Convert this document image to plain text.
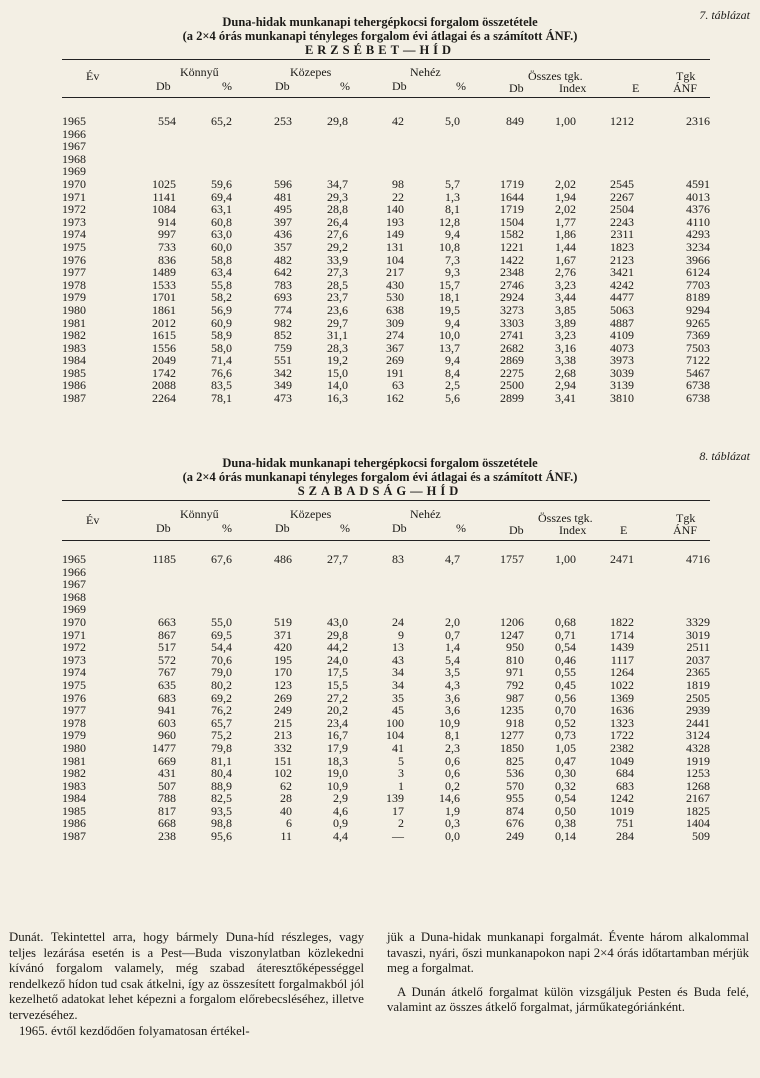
7. táblázat
Duna-hidak munkanapi tehergépkocsi forgalom összetétele
(a 2×4 órás munkanapi tényleges forgalom évi átlagai és a számított ÁNF.)
ERZSÉBET—HÍD
Év	Könnyű
Db	%
Közepes
Db	%
Nehéz
Db	%
Összes tgk.
Db	Index	E
Tgk
ÁNF
1965	554	65,2	253	29,8	42	5,0	849	1,00	1212	2316
1966										
1967										
1968										
1969										
1970	1025	59,6	596	34,7	98	5,7	1719	2,02	2545	4591
1971	1141	69,4	481	29,3	22	1,3	1644	1,94	2267	4013
1972	1084	63,1	495	28,8	140	8,1	1719	2,02	2504	4376
1973	914	60,8	397	26,4	193	12,8	1504	1,77	2243	4110
1974	997	63,0	436	27,6	149	9,4	1582	1,86	2311	4293
1975	733	60,0	357	29,2	131	10,8	1221	1,44	1823	3234
1976	836	58,8	482	33,9	104	7,3	1422	1,67	2123	3966
1977	1489	63,4	642	27,3	217	9,3	2348	2,76	3421	6124
1978	1533	55,8	783	28,5	430	15,7	2746	3,23	4242	7703
1979	1701	58,2	693	23,7	530	18,1	2924	3,44	4477	8189
1980	1861	56,9	774	23,6	638	19,5	3273	3,85	5063	9294
1981	2012	60,9	982	29,7	309	9,4	3303	3,89	4887	9265
1982	1615	58,9	852	31,1	274	10,0	2741	3,23	4109	7369
1983	1556	58,0	759	28,3	367	13,7	2682	3,16	4073	7503
1984	2049	71,4	551	19,2	269	9,4	2869	3,38	3973	7122
1985	1742	76,6	342	15,0	191	8,4	2275	2,68	3039	5467
1986	2088	83,5	349	14,0	63	2,5	2500	2,94	3139	6738
1987	2264	78,1	473	16,3	162	5,6	2899	3,41	3810	6738
8. táblázat
Duna-hidak munkanapi tehergépkocsi forgalom összetétele
(a 2×4 órás munkanapi tényleges forgalom évi átlagai és a számított ÁNF.)
SZABADSÁG—HÍD
Év	Könnyű
Db	%
Közepes
Db	%
Nehéz
Db	%
Összes tgk.
Db	Index	E
Tgk
ÁNF
1965	1185	67,6	486	27,7	83	4,7	1757	1,00	2471	4716
1966										
1967										
1968										
1969										
1970	663	55,0	519	43,0	24	2,0	1206	0,68	1822	3329
1971	867	69,5	371	29,8	9	0,7	1247	0,71	1714	3019
1972	517	54,4	420	44,2	13	1,4	950	0,54	1439	2511
1973	572	70,6	195	24,0	43	5,4	810	0,46	1117	2037
1974	767	79,0	170	17,5	34	3,5	971	0,55	1264	2365
1975	635	80,2	123	15,5	34	4,3	792	0,45	1022	1819
1976	683	69,2	269	27,2	35	3,6	987	0,56	1369	2505
1977	941	76,2	249	20,2	45	3,6	1235	0,70	1636	2939
1978	603	65,7	215	23,4	100	10,9	918	0,52	1323	2441
1979	960	75,2	213	16,7	104	8,1	1277	0,73	1722	3124
1980	1477	79,8	332	17,9	41	2,3	1850	1,05	2382	4328
1981	669	81,1	151	18,3	5	0,6	825	0,47	1049	1919
1982	431	80,4	102	19,0	3	0,6	536	0,30	684	1253
1983	507	88,9	62	10,9	1	0,2	570	0,32	683	1268
1984	788	82,5	28	2,9	139	14,6	955	0,54	1242	2167
1985	817	93,5	40	4,6	17	1,9	874	0,50	1019	1825
1986	668	98,8	6	0,9	2	0,3	676	0,38	751	1404
1987	238	95,6	11	4,4	—	0,0	249	0,14	284	509

Dunát. Tekintettel arra, hogy bármely Duna-híd részleges, vagy teljes lezárása esetén is a Pest—Buda viszonylatban közlekedni kívánó forgalom valamely, még szabad áteresztőképességgel rendelkező hídon tud csak átkelni, így az összesített forgalmakból jól kezelhető adatokat lehet képezni a forgalom előrebecsléséhez, illetve tervezéséhez.

1965. évtől kezdődően folyamatosan értékel-

jük a Duna-hidak munkanapi forgalmát. Évente három alkalommal tavaszi, nyári, őszi munkanapokon napi 2×4 órás időtartamban mérjük meg a forgalmat.

A Dunán átkelő forgalmat külön vizsgáljuk Pesten és Buda felé, valamint az összes átkelő forgalmat, járműkategóriánként.
